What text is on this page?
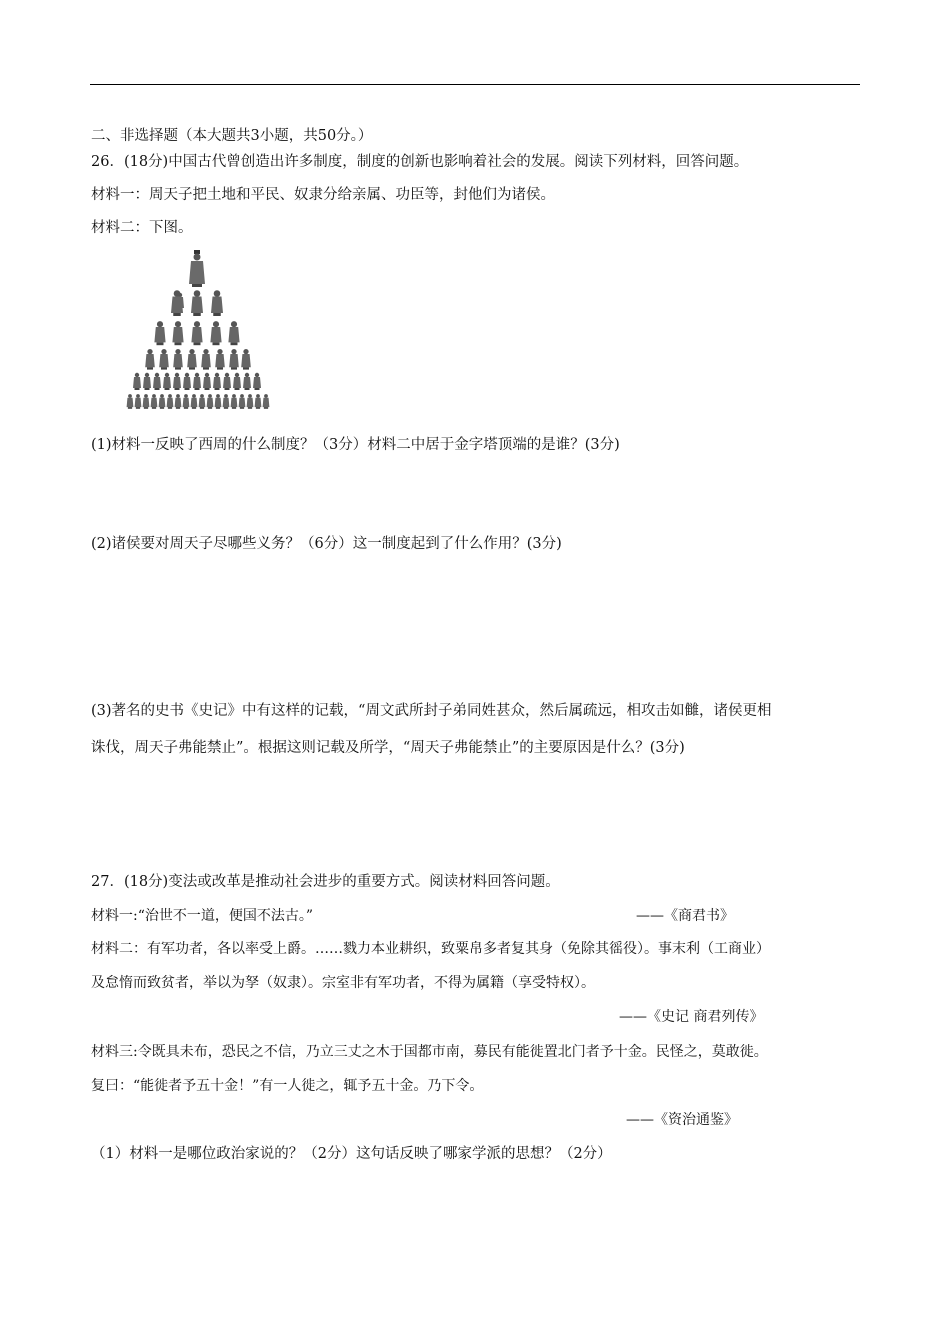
二、非选择题（本大题共3小题，共50分。）
26．(18分)中国古代曾创造出许多制度，制度的创新也影响着社会的发展。阅读下列材料，回答问题。
材料一：周天子把土地和平民、奴隶分给亲属、功臣等，封他们为诸侯。
材料二：下图。
(1)材料一反映了西周的什么制度？（3分）材料二中居于金字塔顶端的是谁？(3分)
(2)诸侯要对周天子尽哪些义务？（6分）这一制度起到了什么作用？(3分)
(3)著名的史书《史记》中有这样的记载，“周文武所封子弟同姓甚众，然后属疏远，相攻击如雠，诸侯更相
诛伐，周天子弗能禁止”。根据这则记载及所学，“周天子弗能禁止”的主要原因是什么？(3分)
27．(18分)变法或改革是推动社会进步的重要方式。阅读材料回答问题。
材料一:“治世不一道，便国不法古。”	——《商君书》
材料二：有军功者，各以率受上爵。……戮力本业耕织，致粟帛多者复其身（免除其徭役）。事末利（工商业）
及怠惰而致贫者，举以为孥（奴隶）。宗室非有军功者，不得为属籍（享受特权）。
——《史记 商君列传》
材料三:令既具未布，恐民之不信，乃立三丈之木于国都市南，募民有能徙置北门者予十金。民怪之，莫敢徙。
复曰：“能徙者予五十金！”有一人徙之，辄予五十金。乃下令。
——《资治通鉴》
（1）材料一是哪位政治家说的？（2分）这句话反映了哪家学派的思想？（2分）
